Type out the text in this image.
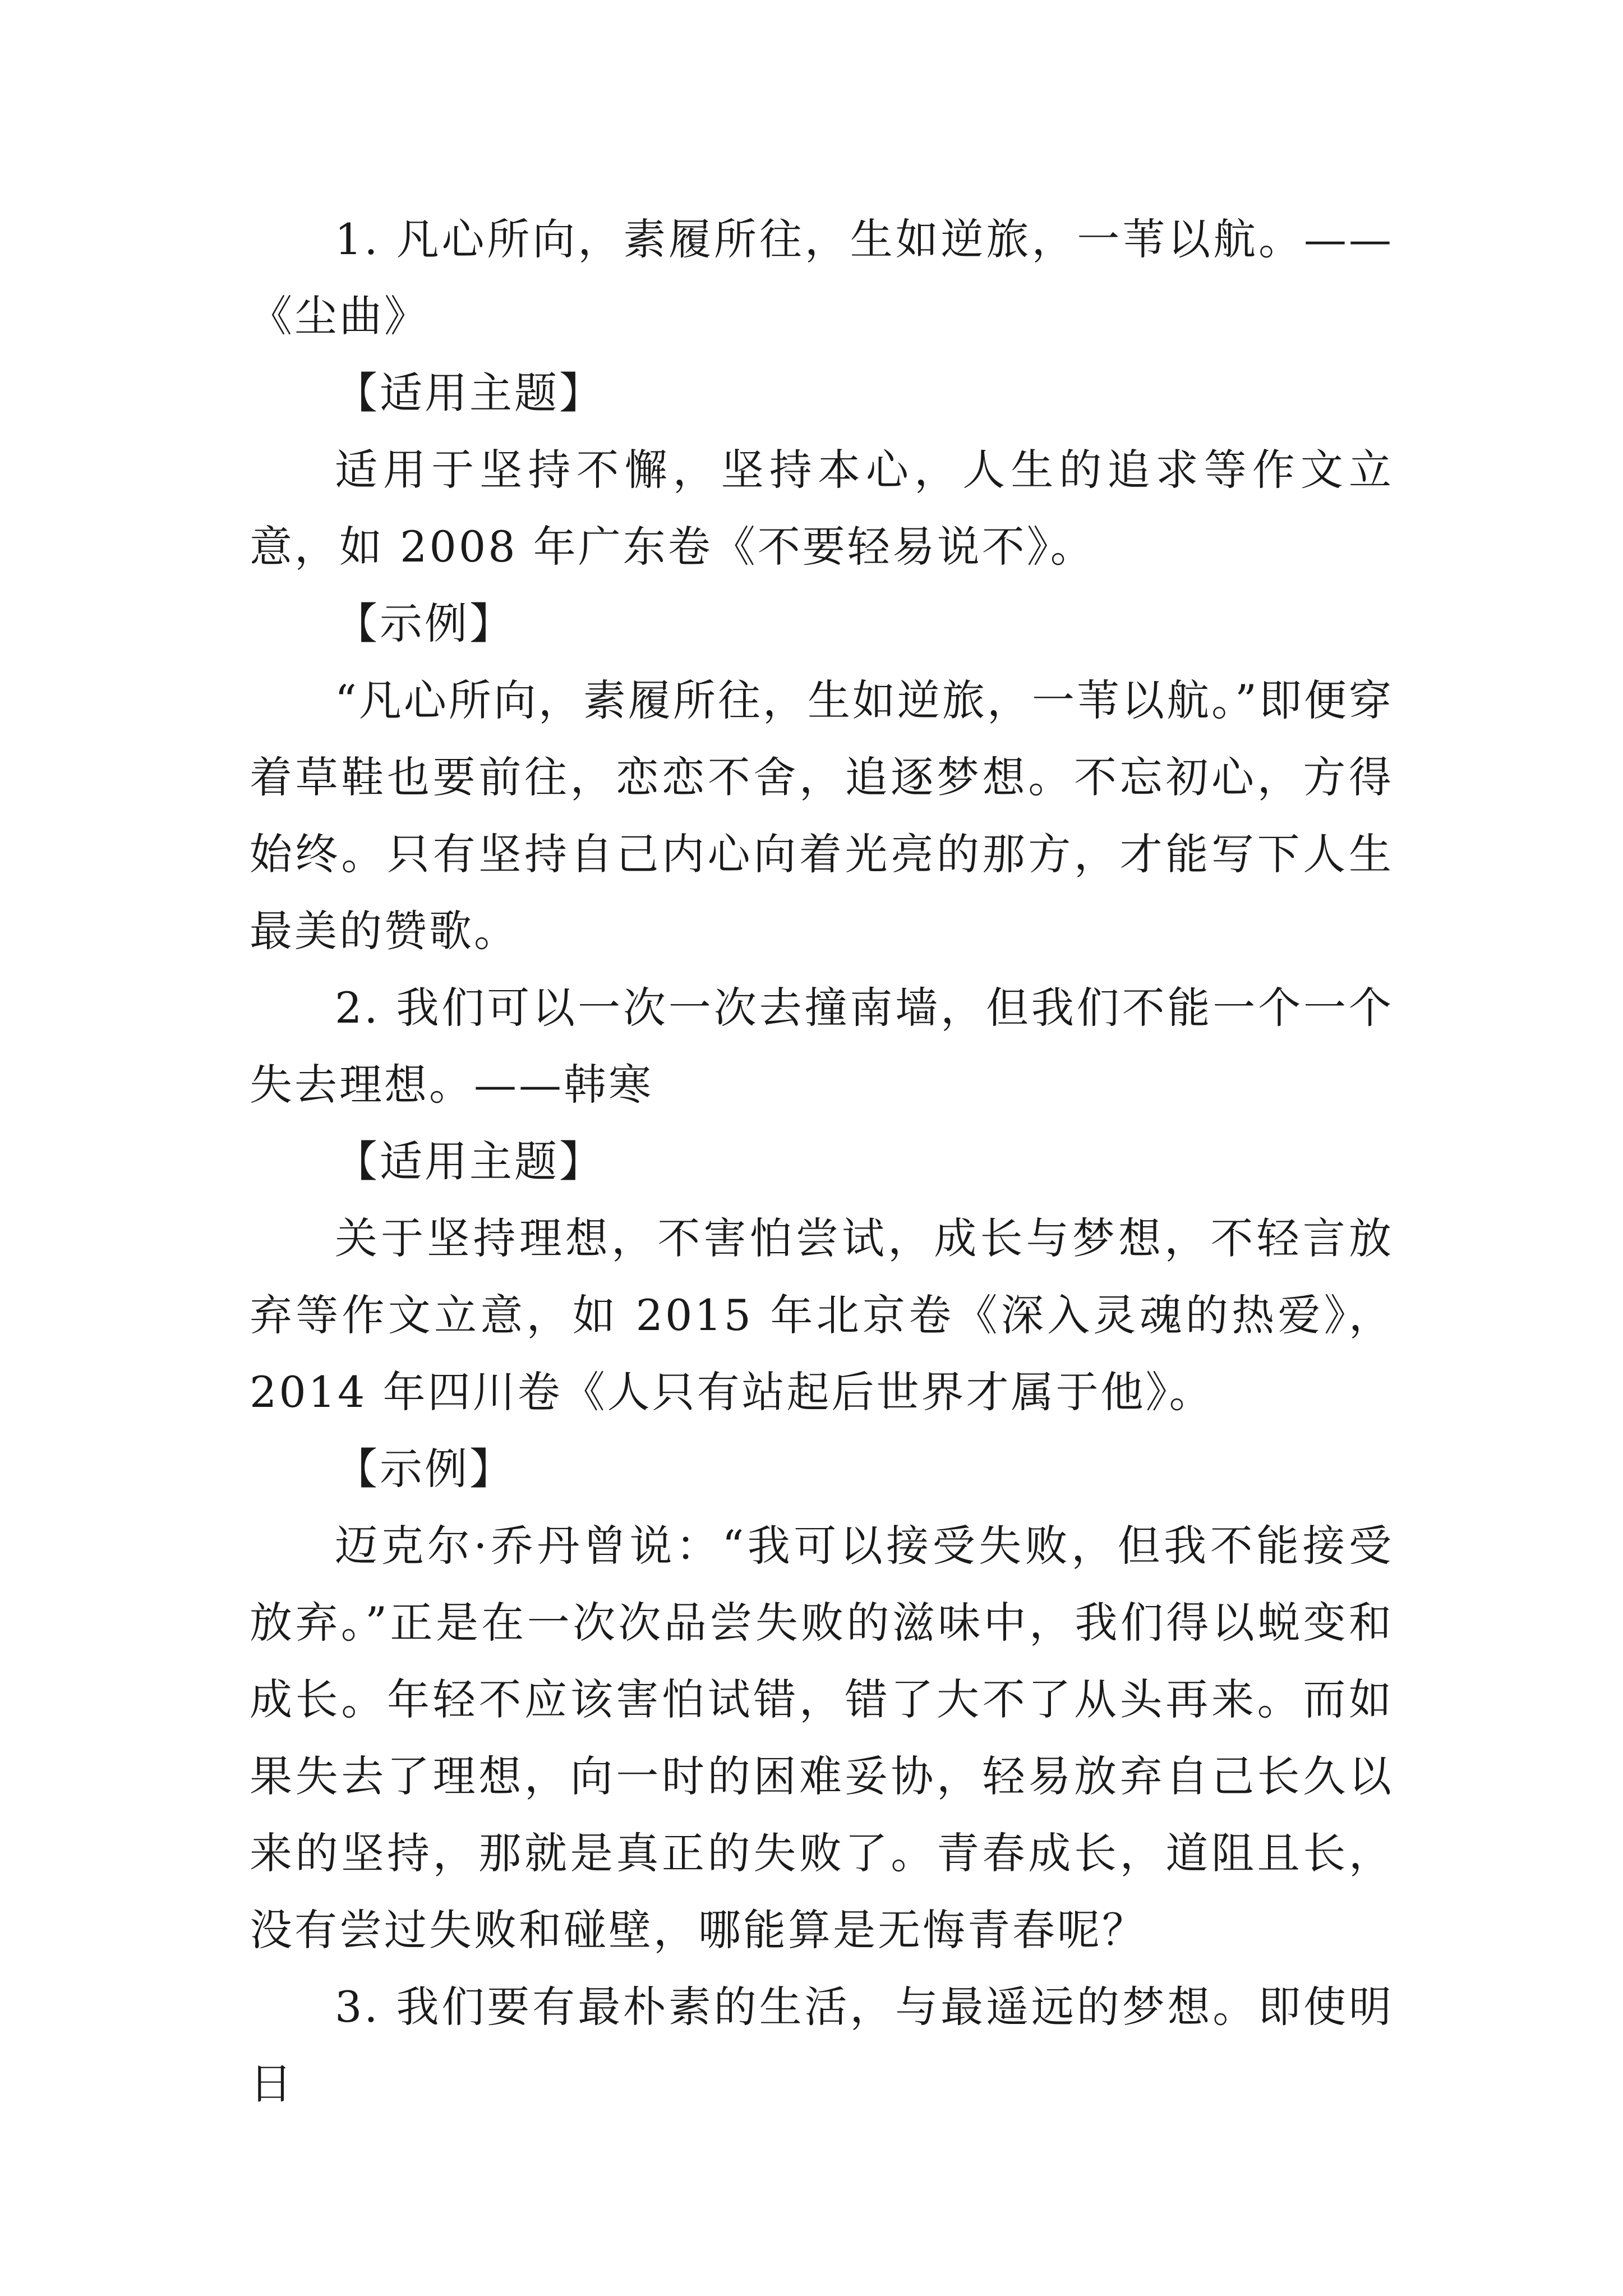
1. 凡心所向，素履所往，生如逆旅，一苇以航。——《尘曲》

【适用主题】

适用于坚持不懈，坚持本心，人生的追求等作文立意，如 2008 年广东卷《不要轻易说不》。

【示例】

“凡心所向，素履所往，生如逆旅，一苇以航。”即便穿着草鞋也要前往，恋恋不舍，追逐梦想。不忘初心，方得始终。只有坚持自己内心向着光亮的那方，才能写下人生最美的赞歌。

2. 我们可以一次一次去撞南墙，但我们不能一个一个失去理想。——韩寒

【适用主题】

关于坚持理想，不害怕尝试，成长与梦想，不轻言放弃等作文立意，如 2015 年北京卷《深入灵魂的热爱》，2014 年四川卷《人只有站起后世界才属于他》。

【示例】

迈克尔·乔丹曾说：“我可以接受失败，但我不能接受放弃。”正是在一次次品尝失败的滋味中，我们得以蜕变和成长。年轻不应该害怕试错，错了大不了从头再来。而如果失去了理想，向一时的困难妥协，轻易放弃自己长久以来的坚持，那就是真正的失败了。青春成长，道阻且长，没有尝过失败和碰壁，哪能算是无悔青春呢？

3. 我们要有最朴素的生活，与最遥远的梦想。即使明日
